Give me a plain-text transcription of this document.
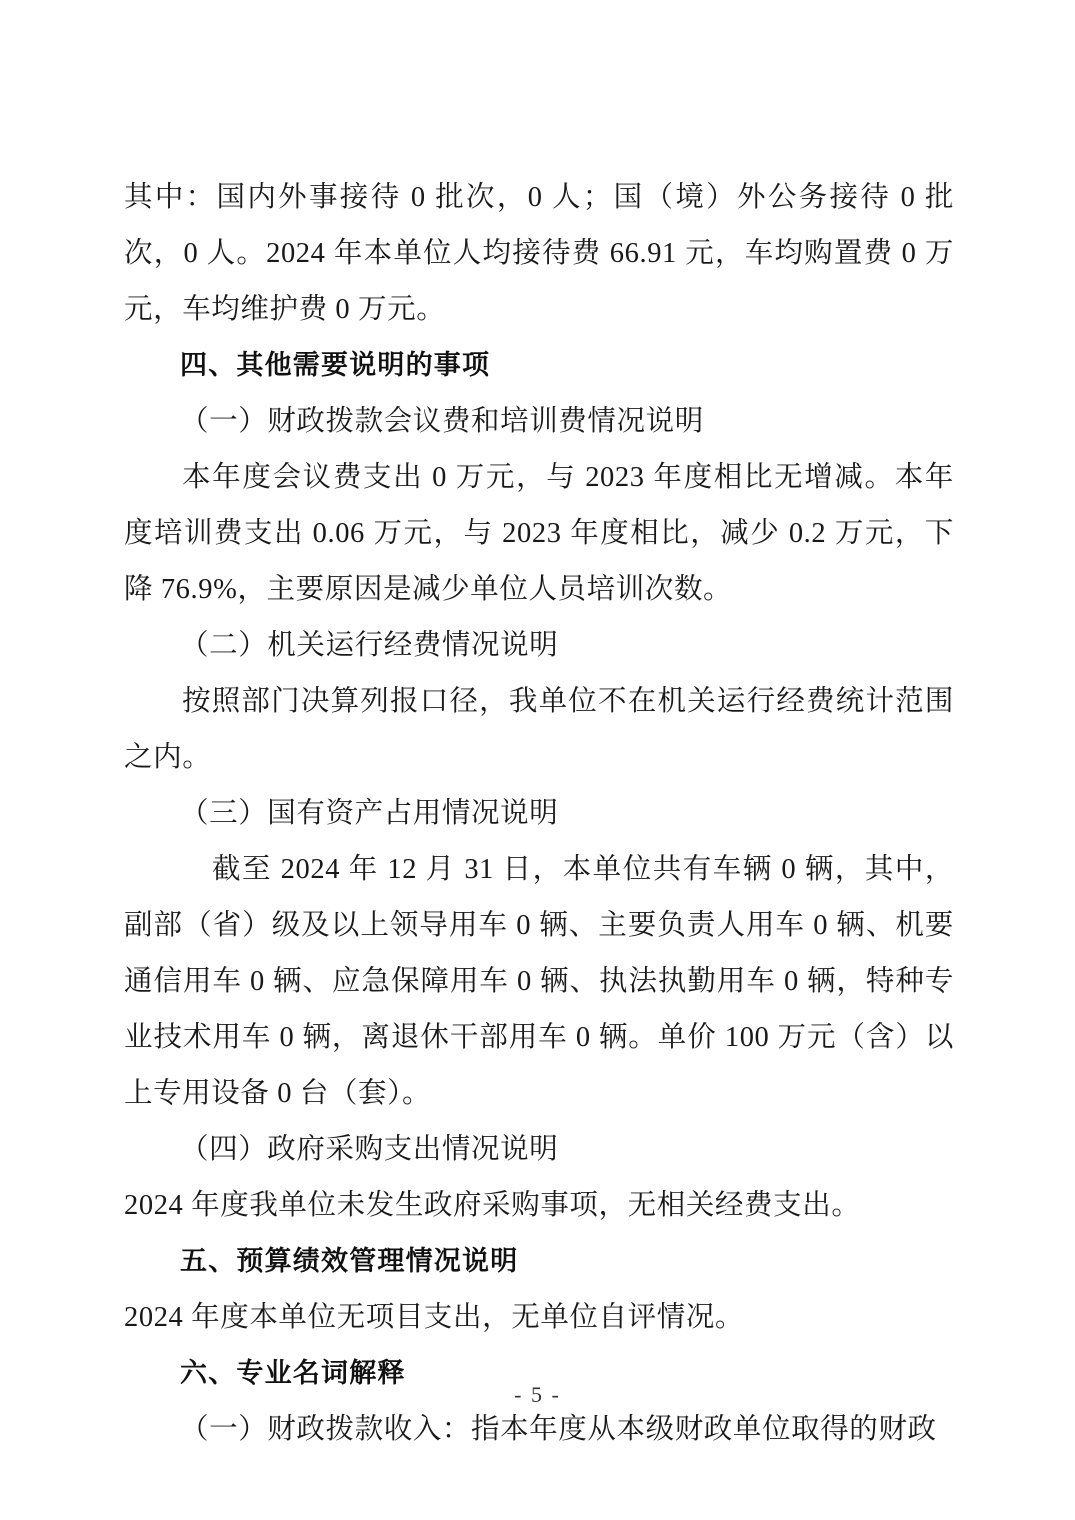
其中：国内外事接待 0 批次，0 人；国（境）外公务接待 0 批次，0 人。2024 年本单位人均接待费 66.91 元，车均购置费 0 万元，车均维护费 0 万元。

四、其他需要说明的事项

（一）财政拨款会议费和培训费情况说明

本年度会议费支出 0 万元，与 2023 年度相比无增减。本年度培训费支出 0.06 万元，与 2023 年度相比，减少 0.2 万元，下降 76.9%，主要原因是减少单位人员培训次数。

（二）机关运行经费情况说明

按照部门决算列报口径，我单位不在机关运行经费统计范围之内。

（三）国有资产占用情况说明

　截至 2024 年 12 月 31 日，本单位共有车辆 0 辆，其中，副部（省）级及以上领导用车 0 辆、主要负责人用车 0 辆、机要通信用车 0 辆、应急保障用车 0 辆、执法执勤用车 0 辆，特种专业技术用车 0 辆，离退休干部用车 0 辆。单价 100 万元（含）以上专用设备 0 台（套）。

（四）政府采购支出情况说明

2024 年度我单位未发生政府采购事项，无相关经费支出。

五、预算绩效管理情况说明

2024 年度本单位无项目支出，无单位自评情况。

六、专业名词解释

（一）财政拨款收入：指本年度从本级财政单位取得的财政

- 5 -
